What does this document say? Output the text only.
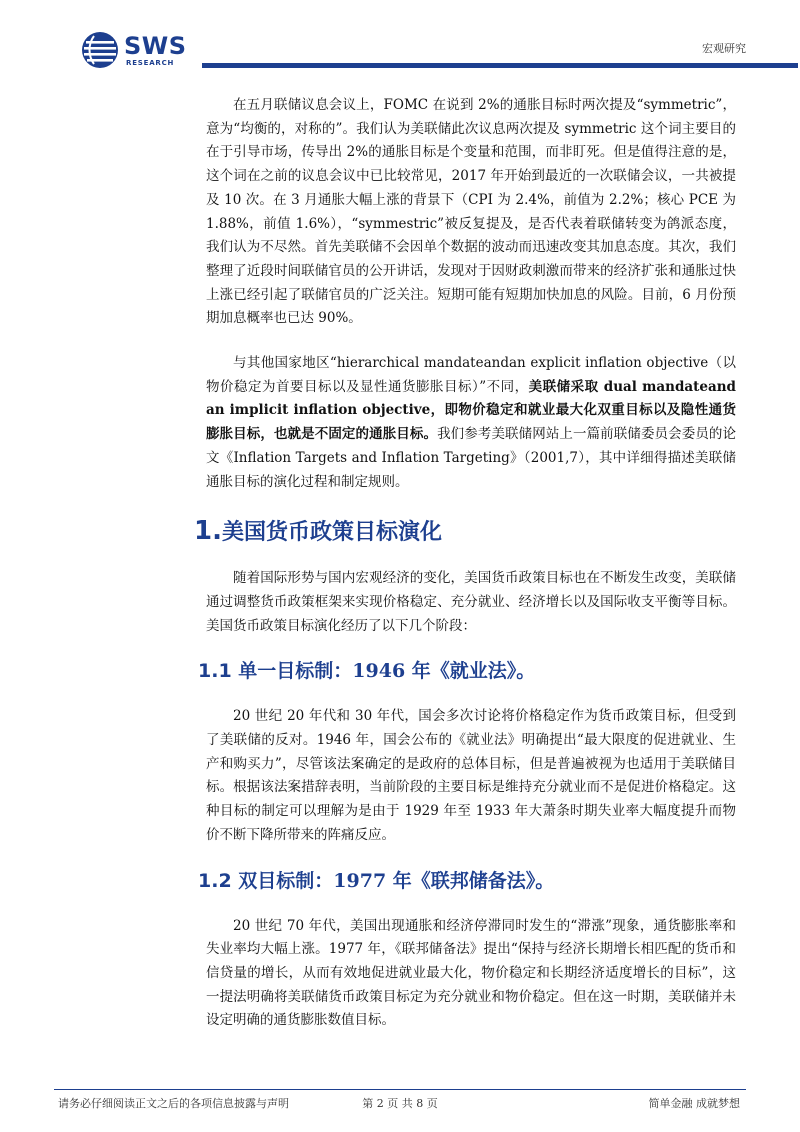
SWS
RESEARCH
宏观研究

在五月联储议息会议上，FOMC 在说到 2%的通胀目标时两次提及“symmetric”，意为“均衡的，对称的”。我们认为美联储此次议息两次提及 symmetric 这个词主要目的在于引导市场，传导出 2%的通胀目标是个变量和范围，而非盯死。但是值得注意的是，这个词在之前的议息会议中已比较常见，2017 年开始到最近的一次联储会议，一共被提及 10 次。在 3 月通胀大幅上涨的背景下（CPI 为 2.4%，前值为 2.2%；核心 PCE 为 1.88%，前值 1.6%），“symmestric”被反复提及，是否代表着联储转变为鸽派态度，我们认为不尽然。首先美联储不会因单个数据的波动而迅速改变其加息态度。其次，我们整理了近段时间联储官员的公开讲话，发现对于因财政刺激而带来的经济扩张和通胀过快上涨已经引起了联储官员的广泛关注。短期可能有短期加快加息的风险。目前，6 月份预期加息概率也已达 90%。

与其他国家地区“hierarchical mandateandan explicit inflation objective（以物价稳定为首要目标以及显性通货膨胀目标）”不同，美联储采取 dual mandateand an implicit inflation objective，即物价稳定和就业最大化双重目标以及隐性通货膨胀目标，也就是不固定的通胀目标。我们参考美联储网站上一篇前联储委员会委员的论文《Inflation Targets and Inflation Targeting》（2001,7），其中详细得描述美联储通胀目标的演化过程和制定规则。

1.美国货币政策目标演化

随着国际形势与国内宏观经济的变化，美国货币政策目标也在不断发生改变，美联储通过调整货币政策框架来实现价格稳定、充分就业、经济增长以及国际收支平衡等目标。美国货币政策目标演化经历了以下几个阶段：

1.1 单一目标制：1946 年《就业法》。

20 世纪 20 年代和 30 年代，国会多次讨论将价格稳定作为货币政策目标，但受到了美联储的反对。1946 年，国会公布的《就业法》明确提出“最大限度的促进就业、生产和购买力”，尽管该法案确定的是政府的总体目标，但是普遍被视为也适用于美联储目标。根据该法案措辞表明，当前阶段的主要目标是维持充分就业而不是促进价格稳定。这种目标的制定可以理解为是由于 1929 年至 1933 年大萧条时期失业率大幅度提升而物价不断下降所带来的阵痛反应。

1.2 双目标制：1977 年《联邦储备法》。

20 世纪 70 年代，美国出现通胀和经济停滞同时发生的“滞涨”现象，通货膨胀率和失业率均大幅上涨。1977 年，《联邦储备法》提出“保持与经济长期增长相匹配的货币和信贷量的增长，从而有效地促进就业最大化，物价稳定和长期经济适度增长的目标”，这一提法明确将美联储货币政策目标定为充分就业和物价稳定。但在这一时期，美联储并未设定明确的通货膨胀数值目标。

请务必仔细阅读正文之后的各项信息披露与声明	第 2 页 共 8 页	简单金融 成就梦想
